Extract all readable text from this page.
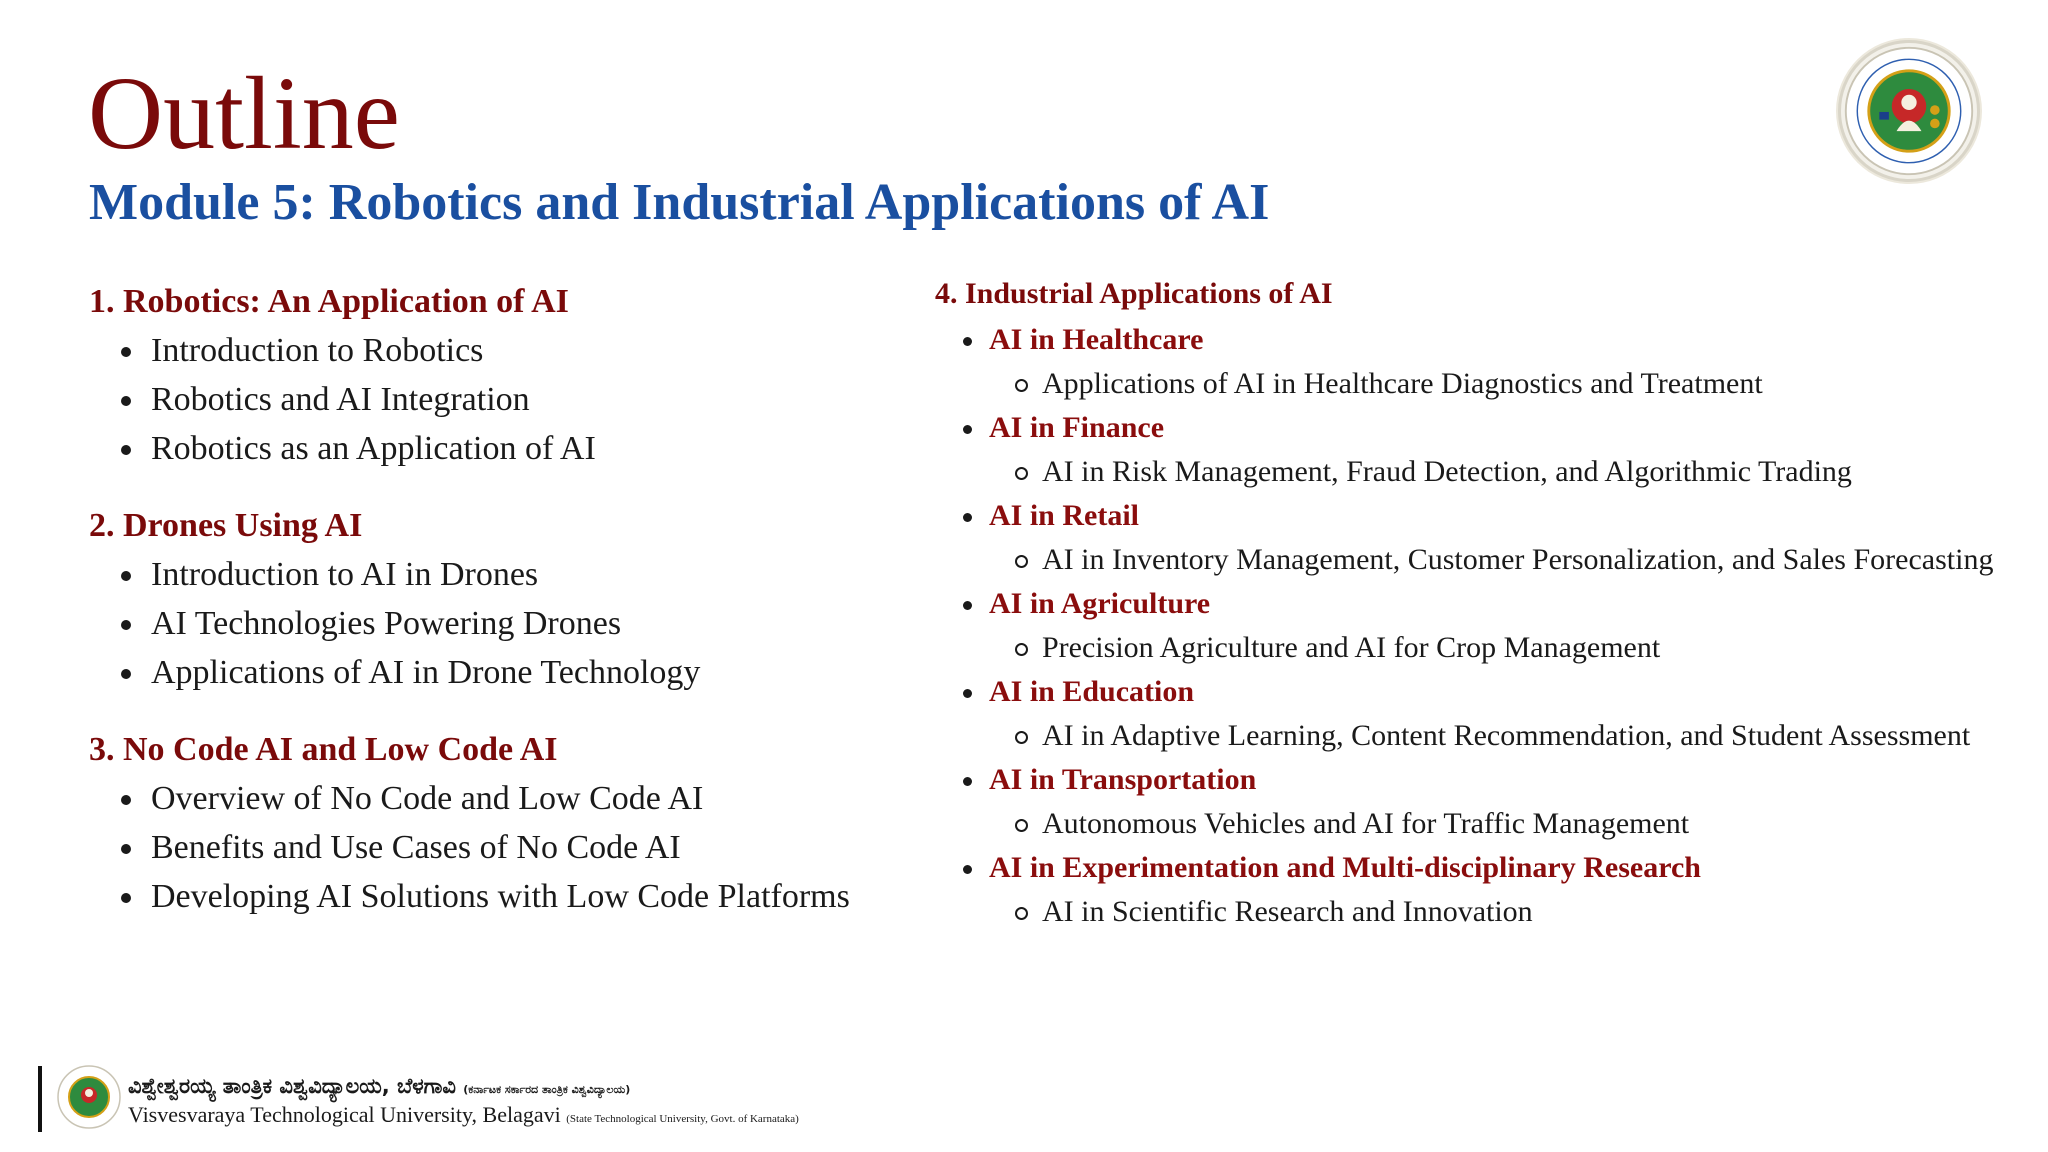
Outline
Module 5: Robotics and Industrial Applications of AI
1. Robotics: An Application of AI
Introduction to Robotics
Robotics and AI Integration
Robotics as an Application of AI
2. Drones Using AI
Introduction to AI in Drones
AI Technologies Powering Drones
Applications of AI in Drone Technology
3. No Code AI and Low Code AI
Overview of No Code and Low Code AI
Benefits and Use Cases of No Code AI
Developing AI Solutions with Low Code Platforms
4. Industrial Applications of AI
AI in Healthcare
Applications of AI in Healthcare Diagnostics and Treatment
AI in Finance
AI in Risk Management, Fraud Detection, and Algorithmic Trading
AI in Retail
AI in Inventory Management, Customer Personalization, and Sales Forecasting
AI in Agriculture
Precision Agriculture and AI for Crop Management
AI in Education
AI in Adaptive Learning, Content Recommendation, and Student Assessment
AI in Transportation
Autonomous Vehicles and AI for Traffic Management
AI in Experimentation and Multi-disciplinary Research
AI in Scientific Research and Innovation
ವಿಶ್ವೇಶ್ವರಯ್ಯ ತಾಂತ್ರಿಕ ವಿಶ್ವವಿದ್ಯಾಲಯ, ಬೆಳಗಾವಿ (ಕರ್ನಾಟಕ ಸರ್ಕಾರದ ತಾಂತ್ರಿಕ ವಿಶ್ವವಿದ್ಯಾಲಯ)
Visvesvaraya Technological University, Belagavi (State Technological University, Govt. of Karnataka)
